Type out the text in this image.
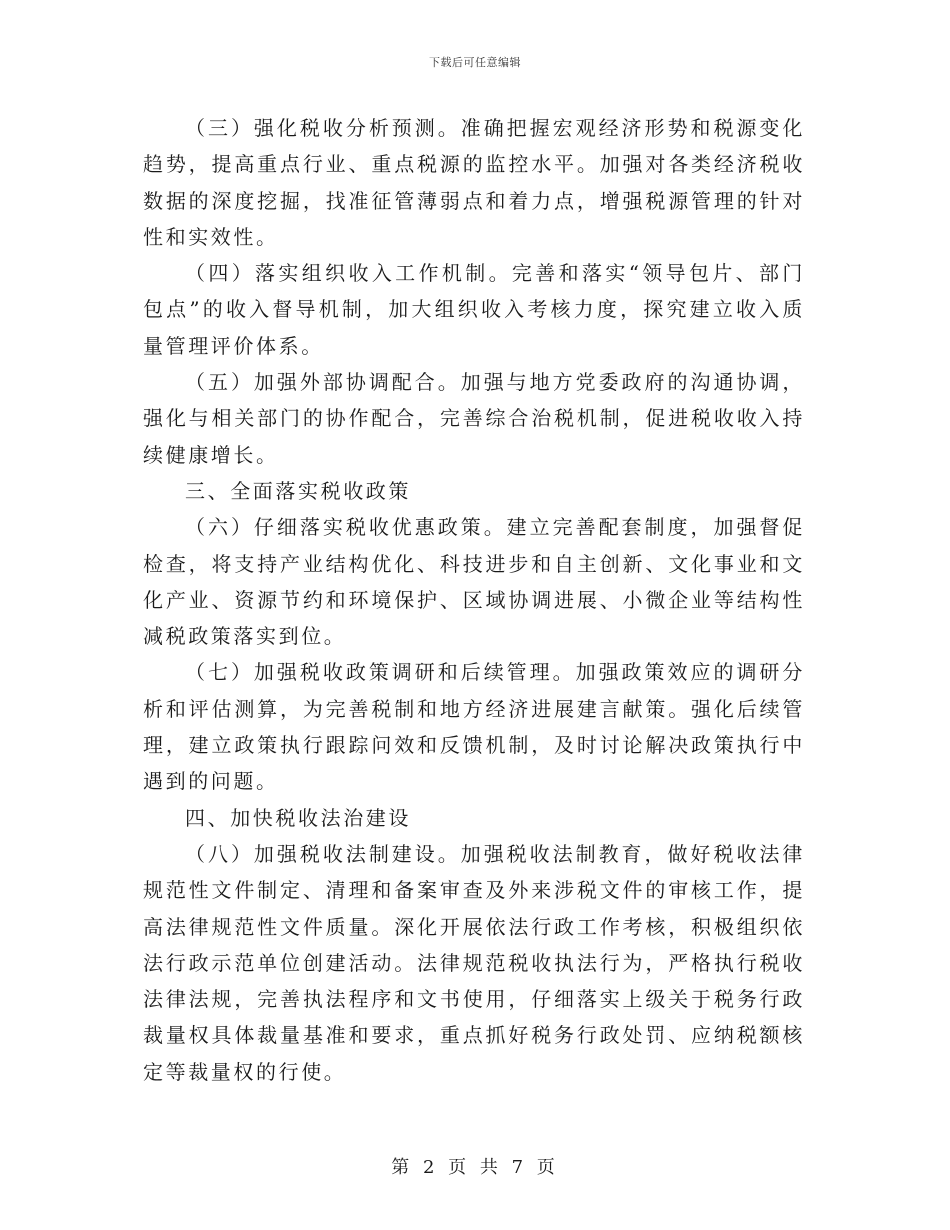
下载后可任意编辑

（三）强化税收分析预测。准确把握宏观经济形势和税源变化趋势，提高重点行业、重点税源的监控水平。加强对各类经济税收数据的深度挖掘，找准征管薄弱点和着力点，增强税源管理的针对性和实效性。

（四）落实组织收入工作机制。完善和落实“领导包片、部门包点”的收入督导机制，加大组织收入考核力度，探究建立收入质量管理评价体系。

（五）加强外部协调配合。加强与地方党委政府的沟通协调，强化与相关部门的协作配合，完善综合治税机制，促进税收收入持续健康增长。

三、全面落实税收政策

（六）仔细落实税收优惠政策。建立完善配套制度，加强督促检查，将支持产业结构优化、科技进步和自主创新、文化事业和文化产业、资源节约和环境保护、区域协调进展、小微企业等结构性减税政策落实到位。

（七）加强税收政策调研和后续管理。加强政策效应的调研分析和评估测算，为完善税制和地方经济进展建言献策。强化后续管理，建立政策执行跟踪问效和反馈机制，及时讨论解决政策执行中遇到的问题。

四、加快税收法治建设

（八）加强税收法制建设。加强税收法制教育，做好税收法律规范性文件制定、清理和备案审查及外来涉税文件的审核工作，提高法律规范性文件质量。深化开展依法行政工作考核，积极组织依法行政示范单位创建活动。法律规范税收执法行为，严格执行税收法律法规，完善执法程序和文书使用，仔细落实上级关于税务行政裁量权具体裁量基准和要求，重点抓好税务行政处罚、应纳税额核定等裁量权的行使。

第 2 页 共 7 页
